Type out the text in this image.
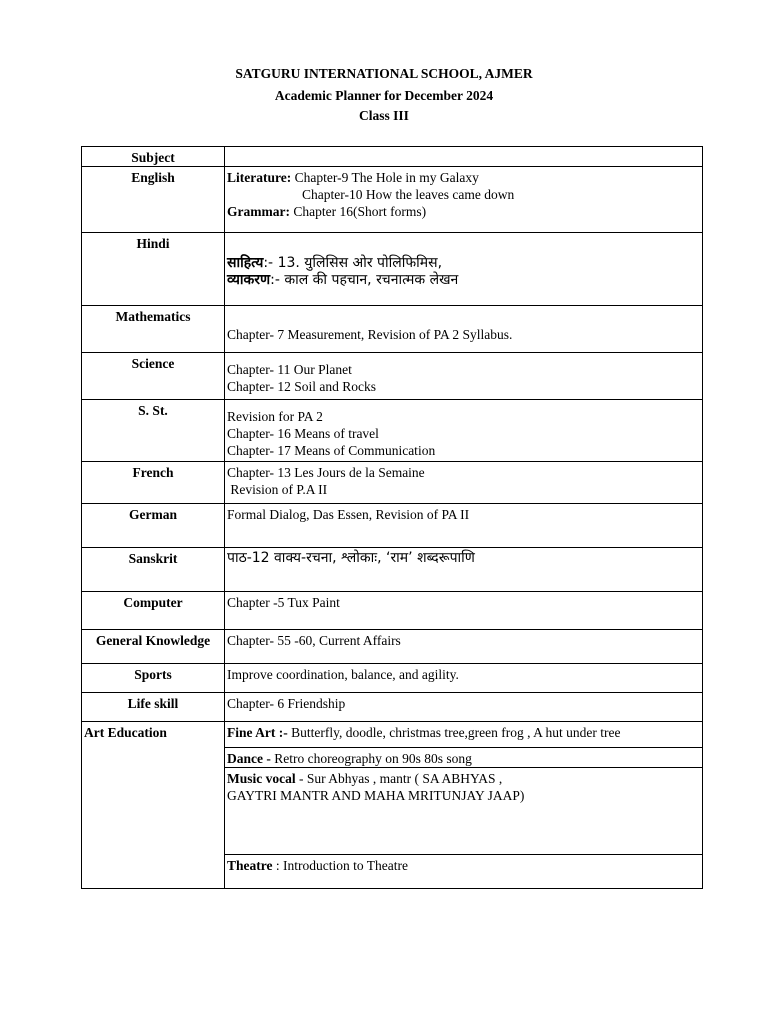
SATGURU INTERNATIONAL SCHOOL, AJMER
Academic Planner for December 2024
Class III
Subject	
English	Literature: Chapter-9 The Hole in my Galaxy
Chapter-10 How the leaves came down
Grammar: Chapter 16(Short forms)

Hindi	साहित्य:- 13. युलिसिस ओर पोलिफिमिस,
व्याकरण:- काल की पहचान, रचनात्मक लेखन

Mathematics	Chapter- 7 Measurement, Revision of PA 2 Syllabus.

Science	Chapter- 11 Our Planet
Chapter- 12 Soil and Rocks

S. St.	Revision for PA 2
Chapter- 16 Means of travel
Chapter- 17 Means of Communication

French	Chapter- 13 Les Jours de la Semaine
Revision of P.A II

German	Formal Dialog, Das Essen, Revision of PA II
Sanskrit	पाठ-12 वाक्य-रचना, श्लोकाः, ‘राम’ शब्दरूपाणि
Computer	Chapter -5 Tux Paint
General Knowledge	Chapter- 55 -60, Current Affairs
Sports	Improve coordination, balance, and agility.
Life skill	Chapter- 6 Friendship
Art Education	Fine Art :- Butterfly, doodle, christmas tree,green frog , A hut under tree
	Dance - Retro choreography on 90s 80s song

	Music vocal - Sur Abhyas , mantr ( SA ABHYAS ,
GAYTRI MANTR AND MAHA MRITUNJAY JAAP)

	Theatre : Introduction to Theatre
